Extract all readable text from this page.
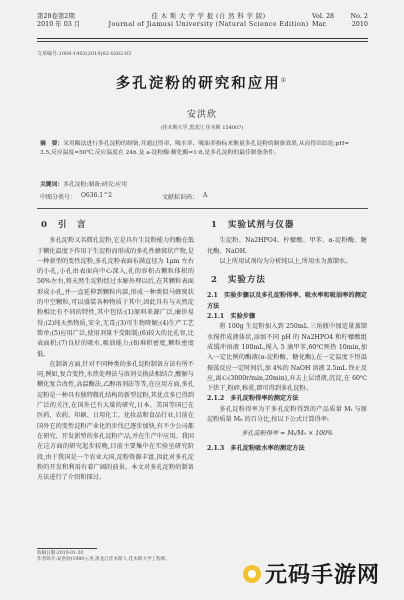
第28卷第2期
2010 年 03 月
佳 木 斯 大 学 学 报 (自 然 科 学 版)
Journal of Jiamusi University (Natural Science Edition)
Vol. 28	No. 2
Mar.	2010
文章编号:1008-1402(2010)02-0262-03
多孔淀粉的研究和应用①
安洪欣
(佳木斯大学,黑龙江 佳木斯 154007)
摘　要：采用酶法进行多孔淀粉的制备,并通过得率、吸水率、吸油率指标来衡量多孔淀粉的制备效果,从而得出结论:pH= 3.5,反应温度=50℃,反应温度在 24h 及 a-淀粉酶:糖化酶=1:8,是多孔淀粉的最佳制备条件。
关键词：多孔淀粉;制备;研究;应用
中图分类号： O636.1^2	文献标识码： A
0 引　言

多孔淀粉又名微孔淀粉,它是具有生淀粉能力的酶在低于糊化温度下作用于生淀粉而形成的多孔性蜂窝状产物,是一种新型的变性淀粉,多孔淀粉表面布满直径为 1μm 左右的小孔,小孔由表面向中心深入,孔的容积占颗粒体积的 50%左右,将天然生淀粉经过水解外理以后,在其颗粒表面形成小孔,并一直延伸到颗粒内部,形成一种类似马蜂窝状的中空颗粒,可以盛装各种物质于其中,因此具有与天然淀粉相比有不同的特性,其中包括:(1)原料来源广泛,廉价易得;(2)纯天然物质,安全,无毒;(3)可生物降解;(4)生产工艺简单;(5)应用广泛,使用剂量不受限制;(6)较大的比孔容,比表面积;(7)良好的吸水,吸油能力;(8)堆积密度,颗粒密度低。

在制备方面,针对不同种类的多孔淀粉制备方法有所不同,例如,复合变性,水热处理法与溶剂交换法相结合,酸解与糊化复合改性,高温酶法,乙醇溶剂法等等,在应用方面,多孔淀粉是一种具有独特微孔结构的新型淀粉,其优点多已得到广泛的关注,在国外已有大量的研究,日本、美国等国已在医药、农药、印刷、日用化工、化妆品和食品行业,目前在国外它的变性淀粉产业化的步伐已逐步加快,有不少公司都在研究、开发新型的多孔淀粉产品,并在生产中应用。我国在这方面的研究起步较晚,目前主要集中在实验室研究阶段,由于我国是一个农业大国,淀粉资源丰富,因此对多孔淀粉的开发和利用有着广阔的前景。本文对多孔淀粉的制备方法进行了介绍和探讨。

1 实验试剂与仪器

生淀粉、Na2HPO4、柠檬酸、甲苯、α-淀粉酶、糖化酶、NaOH。

以上所用试剂均为分析纯以上,所用水为蒸馏水。

2 实验方法
2.1　实验步骤以及多孔淀粉得率、吸水率和吸油率的测定方法
2.1.1　实验步骤

将 100g 生淀粉加入到 250mL 三角瓶中加适量蒸馏水搅拌成液体状,添加不同 pH 的 Na2HPO4 和柠檬酸组成缓冲溶液 100mL,搅入 5 滴甲苯,60℃预热 10min,加入一定比例的酶液(α-淀粉酶、糖化酶),在一定温度下恒温振荡反应一定时间后,加 4%的 NaOH 溶液 2.5mL 终止反应,离心(3000r/min,20min),弃去上层清液,沉淀,在 60℃下烘干,粉碎,称重,即可得到多孔淀粉。

2.1.2　多孔淀粉得率的测定方法

多孔淀粉得率为干多孔淀粉得到的产品质量 Mₜ 与原淀粉质量 M₀ 的百分比,按以下公式计算得率:

多孔淀粉得率 = Mₜ/M₀ × 100%
2.1.3　多孔淀粉吸水率的测定方法
收稿日期:2010-01-20
作者简介:安洪欣(1980-),男,黑龙江佳木斯人,佳木斯大学工程师。
元码手游网
